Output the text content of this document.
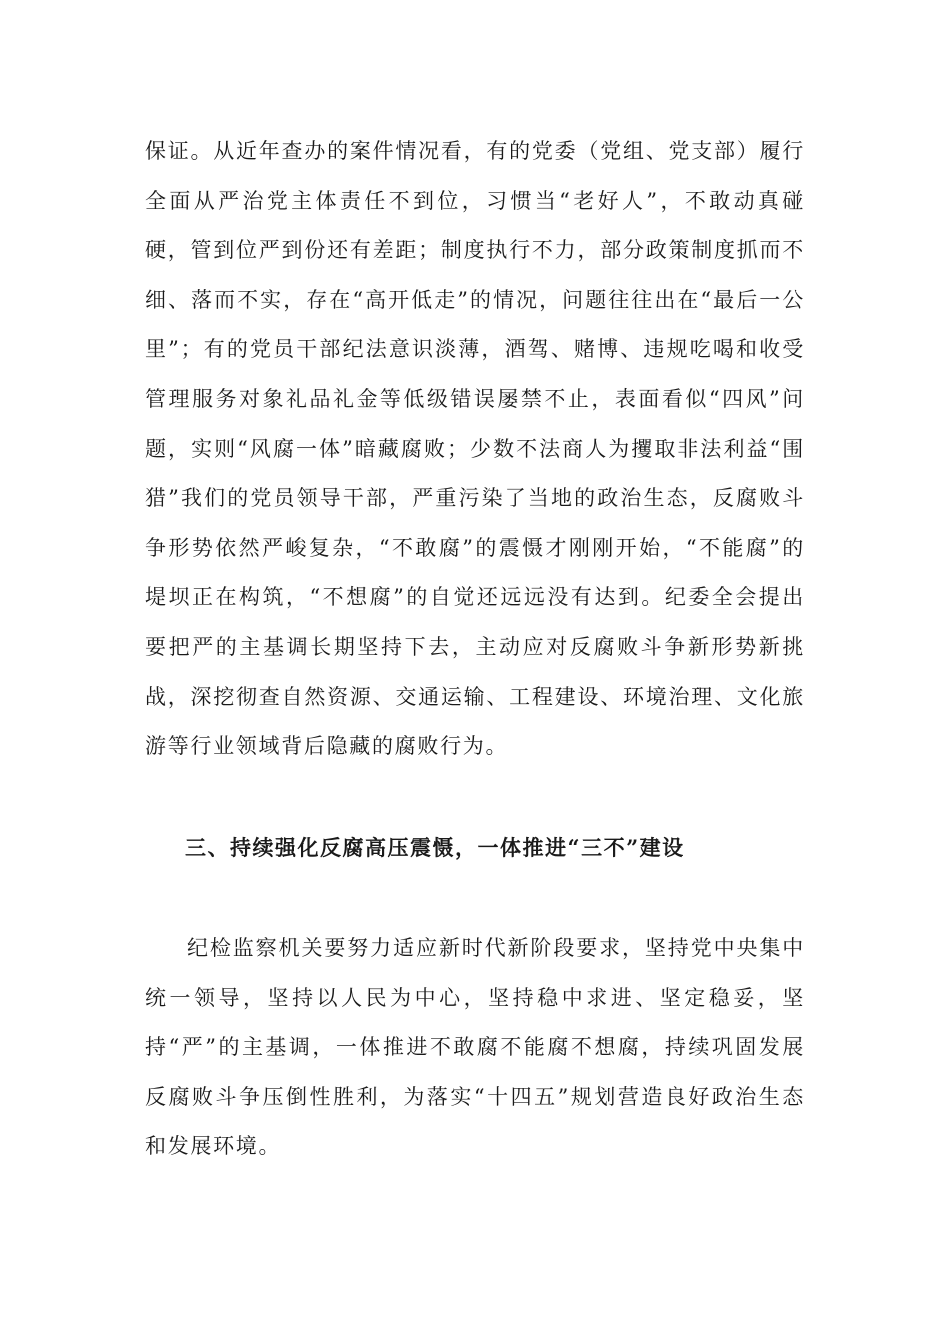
保证。从近年查办的案件情况看，有的党委（党组、党支部）履行全面从严治党主体责任不到位，习惯当“老好人”，不敢动真碰硬，管到位严到份还有差距；制度执行不力，部分政策制度抓而不细、落而不实，存在“高开低走”的情况，问题往往出在“最后一公里”；有的党员干部纪法意识淡薄，酒驾、赌博、违规吃喝和收受管理服务对象礼品礼金等低级错误屡禁不止，表面看似“四风”问题，实则“风腐一体”暗藏腐败；少数不法商人为攫取非法利益“围猎”我们的党员领导干部，严重污染了当地的政治生态，反腐败斗争形势依然严峻复杂，“不敢腐”的震慑才刚刚开始，“不能腐”的堤坝正在构筑，“不想腐”的自觉还远远没有达到。纪委全会提出要把严的主基调长期坚持下去，主动应对反腐败斗争新形势新挑战，深挖彻查自然资源、交通运输、工程建设、环境治理、文化旅游等行业领域背后隐藏的腐败行为。

三、持续强化反腐高压震慑，一体推进“三不”建设

纪检监察机关要努力适应新时代新阶段要求，坚持党中央集中统一领导，坚持以人民为中心，坚持稳中求进、坚定稳妥，坚持“严”的主基调，一体推进不敢腐不能腐不想腐，持续巩固发展反腐败斗争压倒性胜利，为落实“十四五”规划营造良好政治生态和发展环境。
